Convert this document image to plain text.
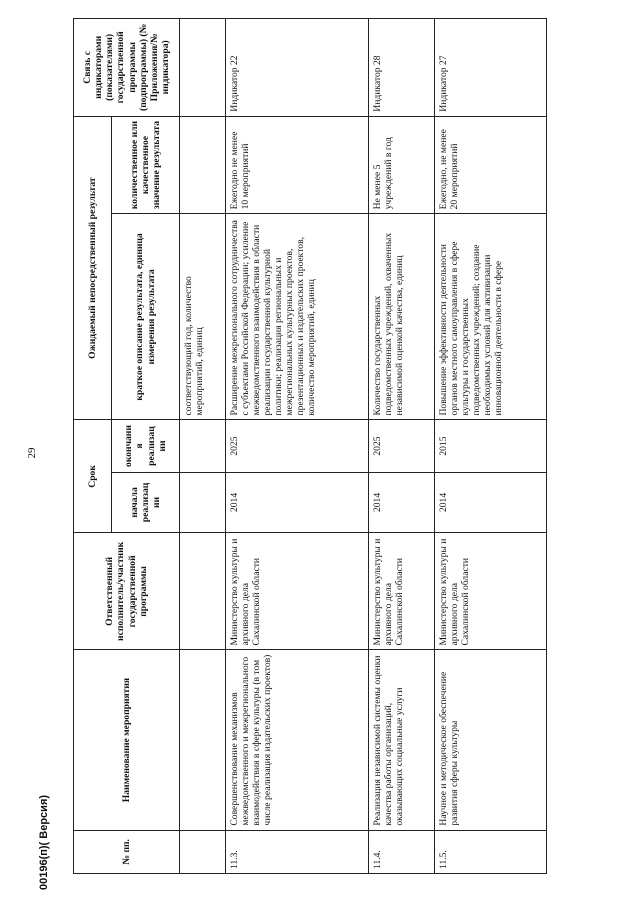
29
№ пп.	Наименование мероприятия	Ответственный исполнитель/участник государственной программы	Срок		Ожидаемый непосредственный результат		Связь с индикаторами (показателями) государственной программы (подпрограммы) (№ Приложения/№ индикатора)
			начала реализац ии	окончани я реализац ии	краткое описание результата, единица измерения результата	количественное или качественное значение результата	
					соответствующий год, количество мероприятий, единиц		
11.3.	Совершенствование механизмов межведомственного и межрегионального взаимодействия в сфере культуры (в том числе реализация издательских проектов)	Министерство культуры и архивного дела Сахалинской области	2014	2025	Расширение межрегионального сотрудничества с субъектами Российской Федерации; усиление межведомственного взаимодействия в области реализации государственной культурной политики; реализация региональных и межрегиональных культурных проектов, презентационных и издательских проектов, количество мероприятий, единиц	Ежегодно не менее 10 мероприятий	Индикатор 22
11.4.	Реализация независимой системы оценки качества работы организаций, оказывающих социальные услуги	Министерство культуры и архивного дела Сахалинской области	2014	2025	Количество государственных подведомственных учреждений, охваченных независимой оценкой качества, единиц	Не менее 5 учреждений в год	Индикатор 28
11.5.	Научное и методическое обеспечение развития сферы культуры	Министерство культуры и архивного дела Сахалинской области	2014	2015	Повышение эффективности деятельности органов местного самоуправления в сфере культуры и государственных подведомственных учреждений; создание необходимых условий для активизации инновационной деятельности в сфере	Ежегодно, не менее 20 мероприятий	Индикатор 27
00196(п)( Версия)
